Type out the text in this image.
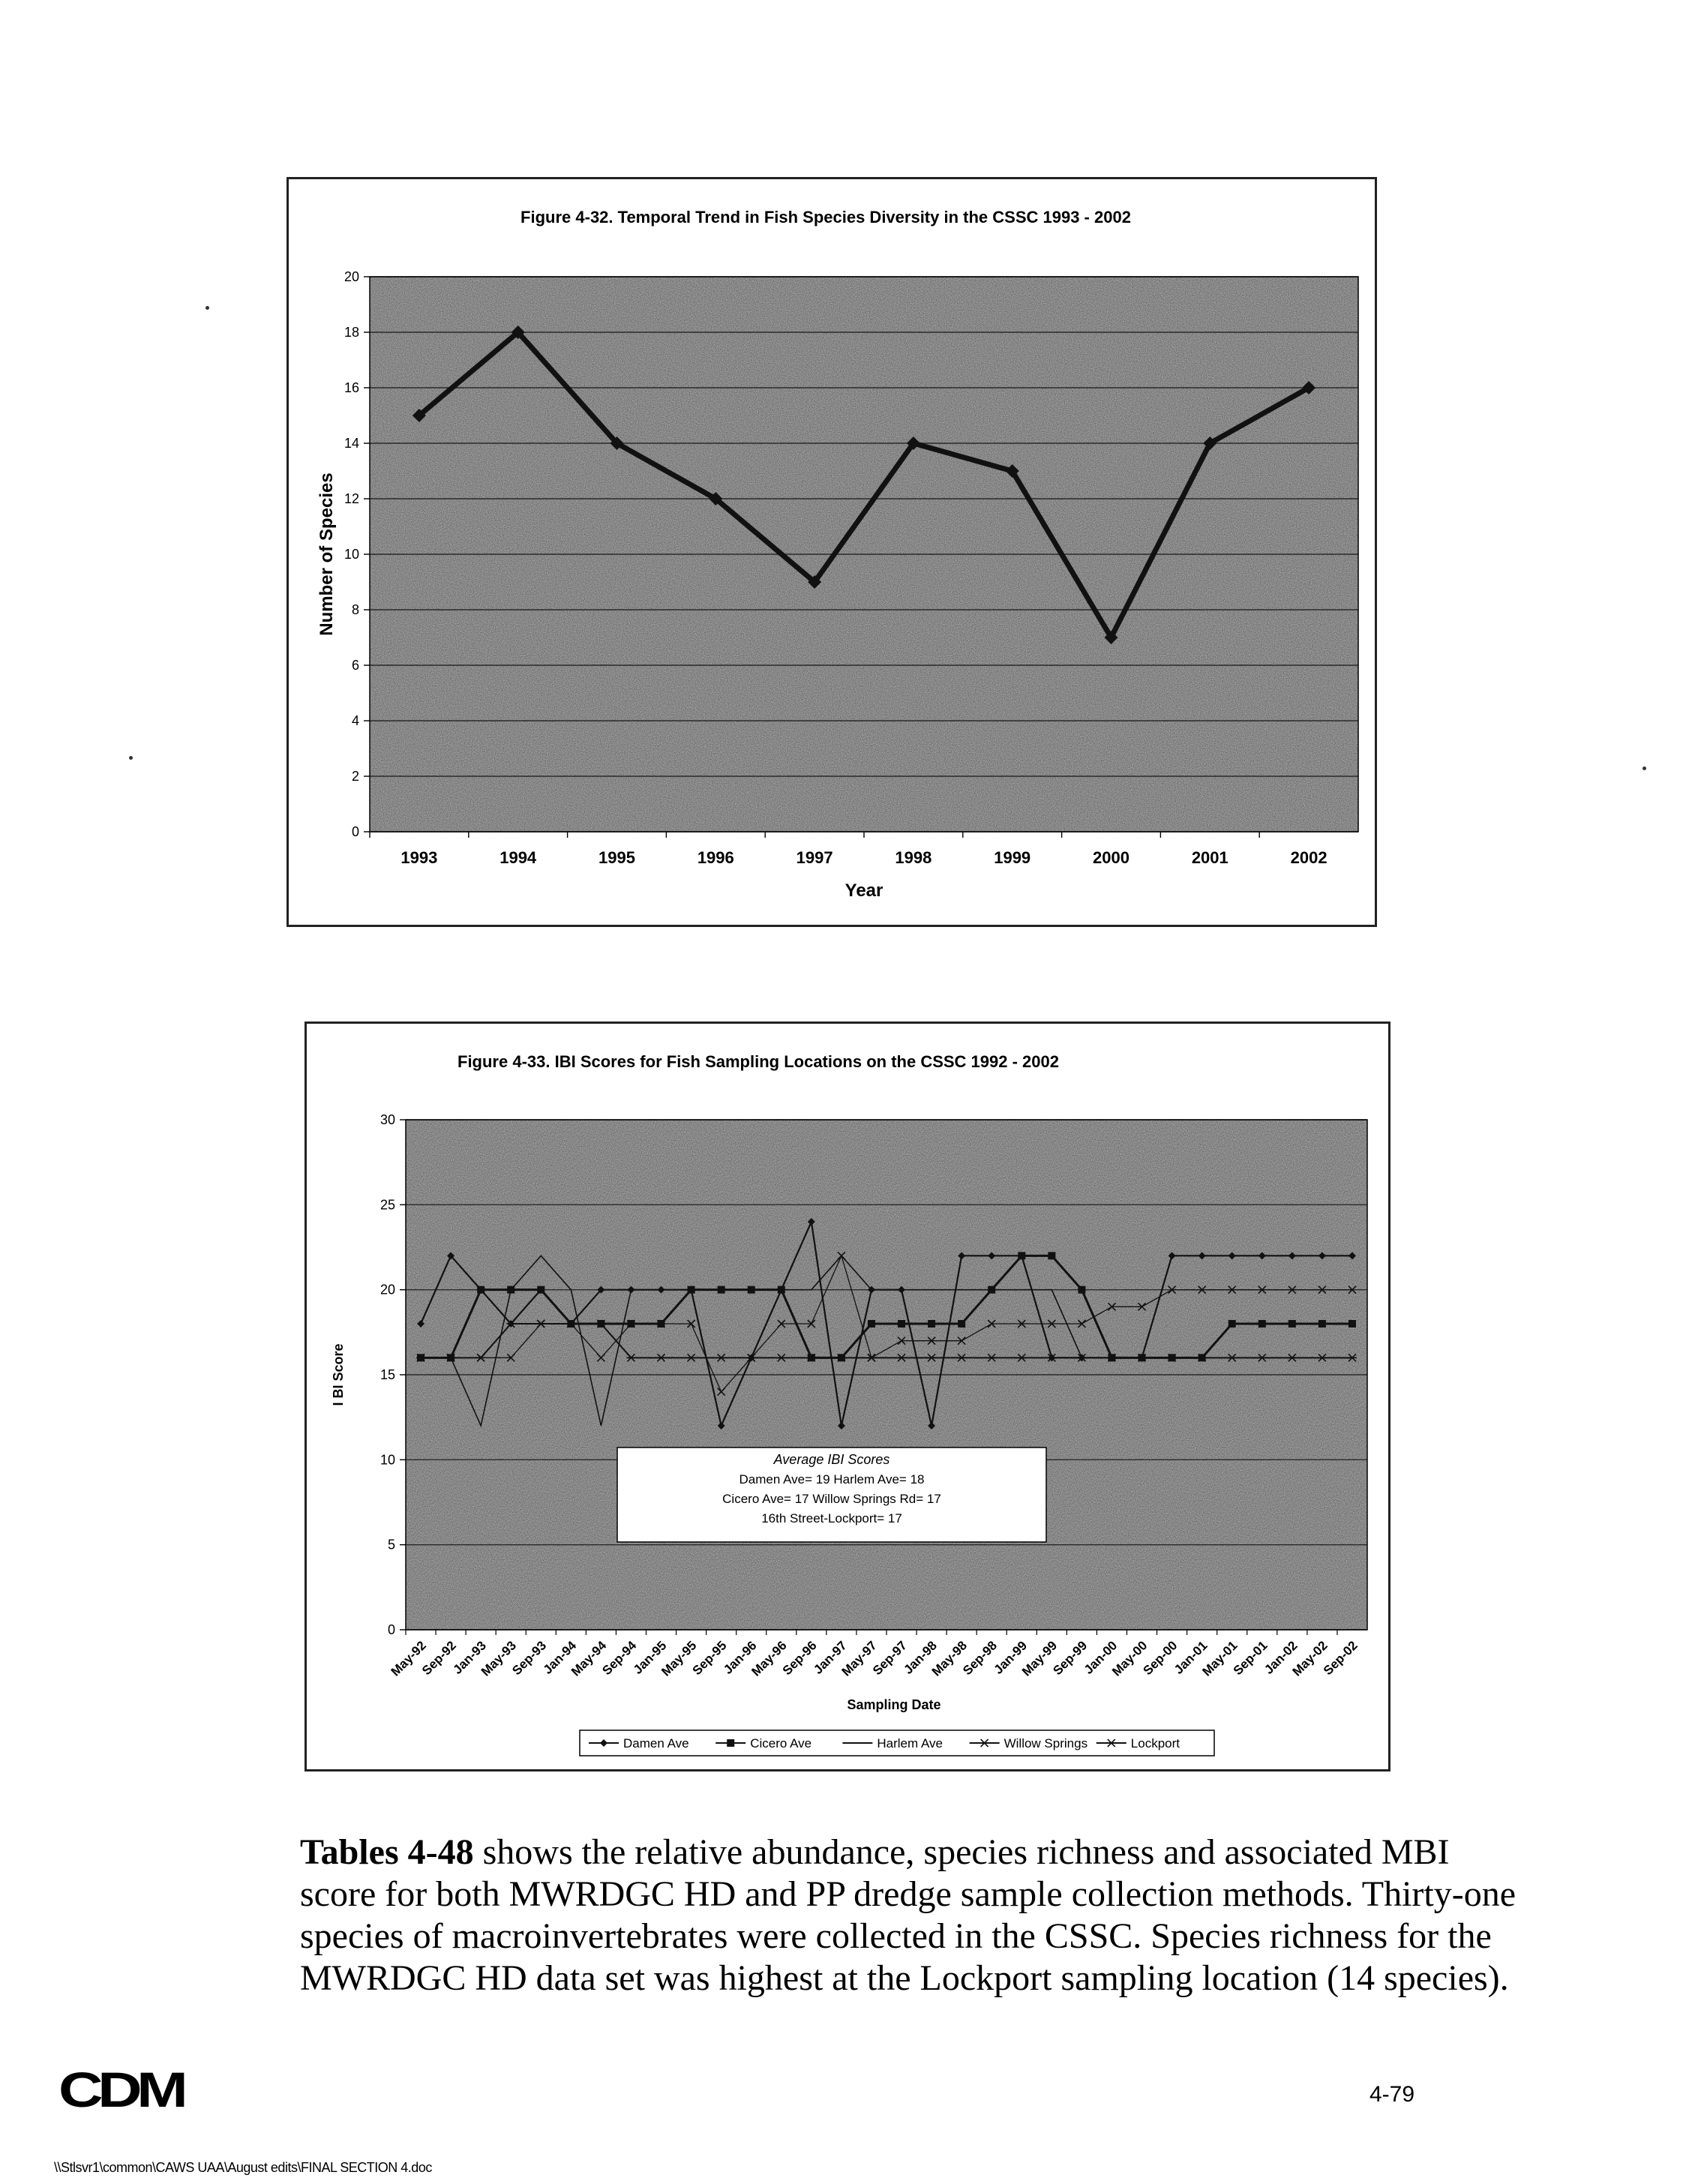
Figure 4-32. Temporal Trend in Fish Species Diversity in the CSSC 1993 - 2002
0
2
4
6
8
10
12
14
16
18
20
1993	1994	1995	1996	1997	1998	1999	2000	2001	2002
Year
Number of Species
Figure 4-33. IBI Scores for Fish Sampling Locations on the CSSC 1992 - 2002
0
5
10
15
20
25
30
May-92
Sep-92
Jan-93
May-93
Sep-93
Jan-94
May-94
Sep-94
Jan-95
May-95
Sep-95
Jan-96
May-96
Sep-96
Jan-97
May-97
Sep-97
Jan-98
May-98
Sep-98
Jan-99
May-99
Sep-99
Jan-00
May-00
Sep-00
Jan-01
May-01
Sep-01
Jan-02
May-02
Sep-02
Sampling Date
I BI Score
Average IBI Scores
Damen Ave= 19 Harlem Ave= 18
Cicero Ave= 17 Willow Springs Rd= 17
16th Street-Lockport= 17
Damen Ave	Cicero Ave	Harlem Ave	Willow Springs	Lockport
Tables 4-48 shows the relative abundance, species richness and associated MBI score for both MWRDGC HD and PP dredge sample collection methods. Thirty-one species of macroinvertebrates were collected in the CSSC. Species richness for the MWRDGC HD data set was highest at the Lockport sampling location (14 species).
CDM	4-79
\\Stlsvr1\common\CAWS UAA\August edits\FINAL SECTION 4.doc
